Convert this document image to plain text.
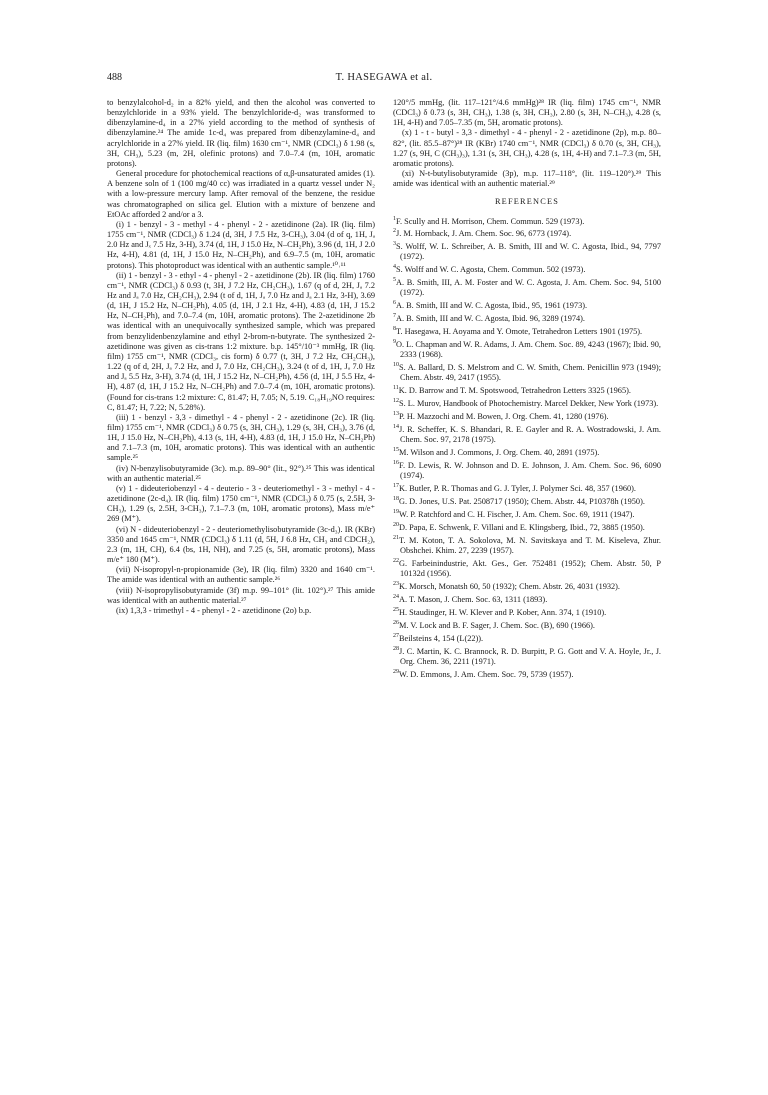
488	T. HASEGAWA et al.

to benzylalcohol-d₂ in a 82% yield, and then the alcohol was converted to benzylchloride in a 93% yield. The benzylchloride-d₂ was transformed to dibenzylamine-d₄ in a 27% yield according to the method of synthesis of dibenzylamine.²⁴ The amide 1c-d₄ was prepared from dibenzylamine-d₄ and acrylchloride in a 27% yield. IR (liq. film) 1630 cm⁻¹, NMR (CDCl₃) δ 1.98 (s, 3H, CH₃), 5.23 (m, 2H, olefinic protons) and 7.0–7.4 (m, 10H, aromatic protons).

General procedure for photochemical reactions of α,β-unsaturated amides (1). A benzene soln of 1 (100 mg/40 cc) was irradiated in a quartz vessel under N₂ with a low-pressure mercury lamp. After removal of the benzene, the residue was chromatographed on silica gel. Elution with a mixture of benzene and EtOAc afforded 2 and/or a 3.

(i) 1 - benzyl - 3 - methyl - 4 - phenyl - 2 - azetidinone (2a). IR (liq. film) 1755 cm⁻¹, NMR (CDCl₃) δ 1.24 (d, 3H, J 7.5 Hz, 3-CH₃), 3.04 (d of q, 1H, Jₐ 2.0 Hz and Jₓ 7.5 Hz, 3-H), 3.74 (d, 1H, J 15.0 Hz, N–CH₂Ph), 3.96 (d, 1H, J 2.0 Hz, 4-H), 4.81 (d, 1H, J 15.0 Hz, N–CH₂Ph), and 6.9–7.5 (m, 10H, aromatic protons). This photoproduct was identical with an authentic sample.¹⁰˒¹¹

(ii) 1 - benzyl - 3 - ethyl - 4 - phenyl - 2 - azetidinone (2b). IR (liq. film) 1760 cm⁻¹, NMR (CDCl₃) δ 0.93 (t, 3H, J 7.2 Hz, CH₂CH₃), 1.67 (q of d, 2H, Jₐ 7.2 Hz and Jₐ 7.0 Hz, CH₂CH₃), 2.94 (t of d, 1H, Jₐ 7.0 Hz and Jₐ 2.1 Hz, 3-H), 3.69 (d, 1H, J 15.2 Hz, N–CH₂Ph), 4.05 (d, 1H, J 2.1 Hz, 4-H), 4.83 (d, 1H, J 15.2 Hz, N–CH₂Ph), and 7.0–7.4 (m, 10H, aromatic protons). The 2-azetidinone 2b was identical with an unequivocally synthesized sample, which was prepared from benzylidenbenzylamine and ethyl 2-brom-n-butyrate. The synthesized 2-azetidinone was given as cis-trans 1:2 mixture. b.p. 145°/10⁻³ mmHg, IR (liq. film) 1755 cm⁻¹, NMR (CDCl₃, cis form) δ 0.77 (t, 3H, J 7.2 Hz, CH₂CH₃), 1.22 (q of d, 2H, Jₐ 7.2 Hz, and Jₐ 7.0 Hz, CH₂CH₃), 3.24 (t of d, 1H, Jₐ 7.0 Hz and Jₐ 5.5 Hz, 3-H), 3.74 (d, 1H, J 15.2 Hz, N–CH₂Ph), 4.56 (d, 1H, J 5.5 Hz, 4-H), 4.87 (d, 1H, J 15.2 Hz, N–CH₂Ph) and 7.0–7.4 (m, 10H, aromatic protons). (Found for cis-trans 1:2 mixture: C, 81.47; H, 7.05; N, 5.19. C₁₈H₁₉NO requires: C, 81.47; H, 7.22; N, 5.28%).

(iii) 1 - benzyl - 3,3 - dimethyl - 4 - phenyl - 2 - azetidinone (2c). IR (liq. film) 1755 cm⁻¹, NMR (CDCl₃) δ 0.75 (s, 3H, CH₃), 1.29 (s, 3H, CH₃), 3.76 (d, 1H, J 15.0 Hz, N–CH₂Ph), 4.13 (s, 1H, 4-H), 4.83 (d, 1H, J 15.0 Hz, N–CH₂Ph) and 7.1–7.3 (m, 10H, aromatic protons). This was identical with an authentic sample.²⁵

(iv) N-benzylisobutyramide (3c). m.p. 89–90° (lit., 92°).²⁵ This was identical with an authentic material.²⁵

(v) 1 - dideuteriobenzyl - 4 - deuterio - 3 - deuteriomethyl - 3 - methyl - 4 - azetidinone (2c-d₄). IR (liq. film) 1750 cm⁻¹, NMR (CDCl₃) δ 0.75 (s, 2.5H, 3-CH₃), 1.29 (s, 2.5H, 3-CH₃), 7.1–7.3 (m, 10H, aromatic protons), Mass m/e⁺ 269 (M⁺).

(vi) N - dideuteriobenzyl - 2 - deuteriomethylisobutyramide (3c-d₃). IR (KBr) 3350 and 1645 cm⁻¹, NMR (CDCl₃) δ 1.11 (d, 5H, J 6.8 Hz, CH₃ and CDCH₂), 2.3 (m, 1H, CH), 6.4 (bs, 1H, NH), and 7.25 (s, 5H, aromatic protons), Mass m/e⁺ 180 (M⁺).

(vii) N-isopropyl-n-propionamide (3e), IR (liq. film) 3320 and 1640 cm⁻¹. The amide was identical with an authentic sample.²⁶

(viii) N-isopropylisobutyramide (3f) m.p. 99–101° (lit. 102°).²⁷ This amide was identical with an authentic material.²⁷

(ix) 1,3,3 - trimethyl - 4 - phenyl - 2 - azetidinone (2o) b.p.

120°/5 mmHg, (lit. 117–121°/4.6 mmHg)²⁸ IR (liq. film) 1745 cm⁻¹, NMR (CDCl₃) δ 0.73 (s, 3H, CH₃), 1.38 (s, 3H, CH₃), 2.80 (s, 3H, N–CH₃), 4.28 (s, 1H, 4-H) and 7.05–7.35 (m, 5H, aromatic protons).

(x) 1 - t - butyl - 3,3 - dimethyl - 4 - phenyl - 2 - azetidinone (2p), m.p. 80–82°, (lit. 85.5–87°)²⁸ IR (KBr) 1740 cm⁻¹, NMR (CDCl₃) δ 0.70 (s, 3H, CH₃), 1.27 (s, 9H, C (CH₃)₃), 1.31 (s, 3H, CH₃), 4.28 (s, 1H, 4-H) and 7.1–7.3 (m, 5H, aromatic protons).

(xi) N-t-butylisobutyramide (3p), m.p. 117–118°, (lit. 119–120°).²⁹ This amide was identical with an authentic material.²⁹

REFERENCES

$^1$F. Scully and H. Morrison, Chem. Commun. 529 (1973).

$^2$J. M. Hornback, J. Am. Chem. Soc. 96, 6773 (1974).

$^3$S. Wolff, W. L. Schreiber, A. B. Smith, III and W. C. Agosta, Ibid., 94, 7797 (1972).

$^4$S. Wolff and W. C. Agosta, Chem. Commun. 502 (1973).

$^5$A. B. Smith, III, A. M. Foster and W. C. Agosta, J. Am. Chem. Soc. 94, 5100 (1972).

$^6$A. B. Smith, III and W. C. Agosta, Ibid., 95, 1961 (1973).

$^7$A. B. Smith, III and W. C. Agosta, Ibid. 96, 3289 (1974).

$^8$T. Hasegawa, H. Aoyama and Y. Omote, Tetrahedron Letters 1901 (1975).

$^9$O. L. Chapman and W. R. Adams, J. Am. Chem. Soc. 89, 4243 (1967); Ibid. 90, 2333 (1968).

$^{10}$S. A. Ballard, D. S. Melstrom and C. W. Smith, Chem. Penicillin 973 (1949); Chem. Abstr. 49, 2417 (1955).

$^{11}$K. D. Barrow and T. M. Spotswood, Tetrahedron Letters 3325 (1965).

$^{12}$S. L. Murov, Handbook of Photochemistry. Marcel Dekker, New York (1973).

$^{13}$P. H. Mazzochi and M. Bowen, J. Org. Chem. 41, 1280 (1976).

$^{14}$J. R. Scheffer, K. S. Bhandari, R. E. Gayler and R. A. Wostradowski, J. Am. Chem. Soc. 97, 2178 (1975).

$^{15}$M. Wilson and J. Commons, J. Org. Chem. 40, 2891 (1975).

$^{16}$F. D. Lewis, R. W. Johnson and D. E. Johnson, J. Am. Chem. Soc. 96, 6090 (1974).

$^{17}$K. Butler, P. R. Thomas and G. J. Tyler, J. Polymer Sci. 48, 357 (1960).

$^{18}$G. D. Jones, U.S. Pat. 2508717 (1950); Chem. Abstr. 44, P10378h (1950).

$^{19}$W. P. Ratchford and C. H. Fischer, J. Am. Chem. Soc. 69, 1911 (1947).

$^{20}$D. Papa, E. Schwenk, F. Villani and E. Klingsberg, Ibid., 72, 3885 (1950).

$^{21}$T. M. Koton, T. A. Sokolova, M. N. Savitskaya and T. M. Kiseleva, Zhur. Obshchei. Khim. 27, 2239 (1957).

$^{22}$G. Farbeinindustrie, Akt. Ges., Ger. 752481 (1952); Chem. Abstr. 50, P 10132d (1956).

$^{23}$K. Morsch, Monatsh 60, 50 (1932); Chem. Abstr. 26, 4031 (1932).

$^{24}$A. T. Mason, J. Chem. Soc. 63, 1311 (1893).

$^{25}$H. Staudinger, H. W. Klever and P. Kober, Ann. 374, 1 (1910).

$^{26}$M. V. Lock and B. F. Sager, J. Chem. Soc. (B), 690 (1966).

$^{27}$Beilsteins 4, 154 (L(22)).

$^{28}$J. C. Martin, K. C. Brannock, R. D. Burpitt, P. G. Gott and V. A. Hoyle, Jr., J. Org. Chem. 36, 2211 (1971).

$^{29}$W. D. Emmons, J. Am. Chem. Soc. 79, 5739 (1957).
